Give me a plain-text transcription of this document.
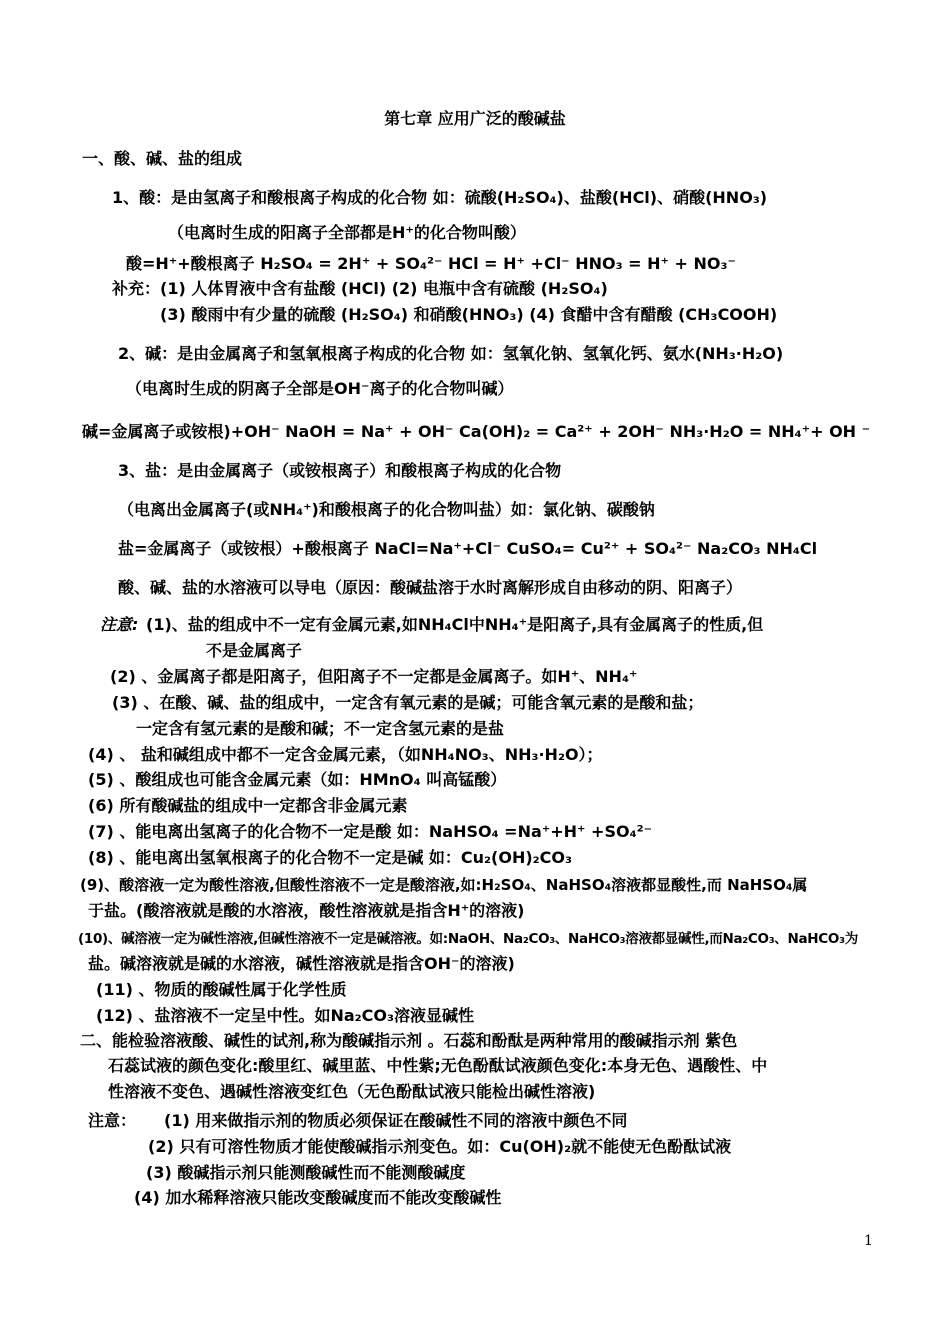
第七章 应用广泛的酸碱盐
一、酸、碱、盐的组成
1、酸：是由氢离子和酸根离子构成的化合物 如：硫酸(H₂SO₄)、盐酸(HCl)、硝酸(HNO₃)
（电离时生成的阳离子全部都是H⁺的化合物叫酸）
酸=H⁺+酸根离子 H₂SO₄ = 2H⁺ + SO₄²⁻ HCl = H⁺ +Cl⁻ HNO₃ = H⁺ + NO₃⁻
补充：(1) 人体胃液中含有盐酸 (HCl) (2) 电瓶中含有硫酸 (H₂SO₄)
(3) 酸雨中有少量的硫酸 (H₂SO₄) 和硝酸(HNO₃) (4) 食醋中含有醋酸 (CH₃COOH)
2、碱：是由金属离子和氢氧根离子构成的化合物 如：氢氧化钠、氢氧化钙、氨水(NH₃·H₂O)
（电离时生成的阴离子全部是OH⁻离子的化合物叫碱）
碱=金属离子或铵根)+OH⁻ NaOH = Na⁺ + OH⁻ Ca(OH)₂ = Ca²⁺ + 2OH⁻ NH₃·H₂O = NH₄⁺+ OH ⁻
3、盐：是由金属离子（或铵根离子）和酸根离子构成的化合物
（电离出金属离子(或NH₄⁺)和酸根离子的化合物叫盐）如：氯化钠、碳酸钠
盐=金属离子（或铵根）+酸根离子 NaCl=Na⁺+Cl⁻ CuSO₄= Cu²⁺ + SO₄²⁻ Na₂CO₃ NH₄Cl
酸、碱、盐的水溶液可以导电（原因：酸碱盐溶于水时离解形成自由移动的阴、阳离子）
注意: (1)、盐的组成中不一定有金属元素,如NH₄Cl中NH₄⁺是阳离子,具有金属离子的性质,但
不是金属离子
(2) 、金属离子都是阳离子，但阳离子不一定都是金属离子。如H⁺、NH₄⁺
(3) 、在酸、碱、盐的组成中，一定含有氧元素的是碱；可能含氧元素的是酸和盐；
一定含有氢元素的是酸和碱；不一定含氢元素的是盐
(4) 、 盐和碱组成中都不一定含金属元素，（如NH₄NO₃、NH₃·H₂O）；
(5) 、酸组成也可能含金属元素（如：HMnO₄ 叫高锰酸）
(6) 所有酸碱盐的组成中一定都含非金属元素
(7) 、能电离出氢离子的化合物不一定是酸 如：NaHSO₄ =Na⁺+H⁺ +SO₄²⁻
(8) 、能电离出氢氧根离子的化合物不一定是碱 如：Cu₂(OH)₂CO₃
(9)、酸溶液一定为酸性溶液,但酸性溶液不一定是酸溶液,如:H₂SO₄、NaHSO₄溶液都显酸性,而 NaHSO₄属
于盐。(酸溶液就是酸的水溶液，酸性溶液就是指含H⁺的溶液)
(10)、碱溶液一定为碱性溶液,但碱性溶液不一定是碱溶液。如:NaOH、Na₂CO₃、NaHCO₃溶液都显碱性,而Na₂CO₃、NaHCO₃为
盐。碱溶液就是碱的水溶液，碱性溶液就是指含OH⁻的溶液)
(11) 、物质的酸碱性属于化学性质
(12) 、盐溶液不一定呈中性。如Na₂CO₃溶液显碱性
二、能检验溶液酸、碱性的试剂,称为酸碱指示剂 。石蕊和酚酞是两种常用的酸碱指示剂 紫色
石蕊试液的颜色变化:酸里红、碱里蓝、中性紫;无色酚酞试液颜色变化:本身无色、遇酸性、中
性溶液不变色、遇碱性溶液变红色（无色酚酞试液只能检出碱性溶液)
注意： (1) 用来做指示剂的物质必须保证在酸碱性不同的溶液中颜色不同
(2) 只有可溶性物质才能使酸碱指示剂变色。如：Cu(OH)₂就不能使无色酚酞试液
(3) 酸碱指示剂只能测酸碱性而不能测酸碱度
(4) 加水稀释溶液只能改变酸碱度而不能改变酸碱性
1
